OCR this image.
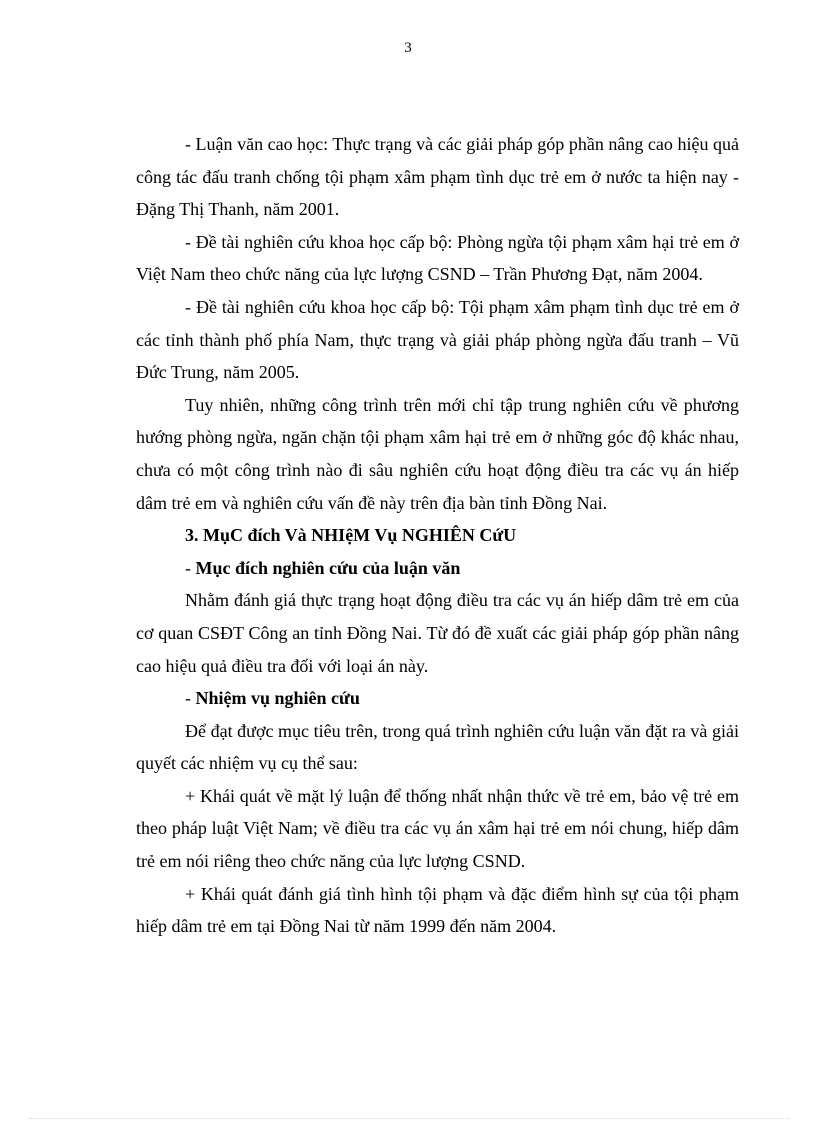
3

- Luận văn cao học: Thực trạng và các giải pháp góp phần nâng cao hiệu quả công tác đấu tranh chống tội phạm xâm phạm tình dục trẻ em ở nước ta hiện nay - Đặng Thị Thanh, năm 2001.

- Đề tài nghiên cứu khoa học cấp bộ: Phòng ngừa tội phạm xâm hại trẻ em ở Việt Nam theo chức năng của lực lượng CSND – Trần Phương Đạt, năm 2004.

- Đề tài nghiên cứu khoa học cấp bộ: Tội phạm xâm phạm tình dục trẻ em ở các tỉnh thành phố phía Nam, thực trạng và giải pháp phòng ngừa đấu tranh – Vũ Đức Trung, năm 2005.

Tuy nhiên, những công trình trên mới chỉ tập trung nghiên cứu về phương hướng phòng ngừa, ngăn chặn tội phạm xâm hại trẻ em ở những góc độ khác nhau, chưa có một công trình nào đi sâu nghiên cứu hoạt động điều tra các vụ án hiếp dâm trẻ em và nghiên cứu vấn đề này trên địa bàn tỉnh Đồng Nai.

3. MụC đích Và NHIệM Vụ NGHIÊN CứU

- Mục đích nghiên cứu của luận văn

Nhằm đánh giá thực trạng hoạt động điều tra các vụ án hiếp dâm trẻ em của cơ quan CSĐT Công an tỉnh Đồng Nai. Từ đó đề xuất các giải pháp góp phần nâng cao hiệu quả điều tra đối với loại án này.

- Nhiệm vụ nghiên cứu

Để đạt được mục tiêu trên, trong quá trình nghiên cứu luận văn đặt ra và giải quyết các nhiệm vụ cụ thể sau:

+ Khái quát về mặt lý luận để thống nhất nhận thức về trẻ em, bảo vệ trẻ em theo pháp luật Việt Nam; về điều tra các vụ án xâm hại trẻ em nói chung, hiếp dâm trẻ em nói riêng theo chức năng của lực lượng CSND.

+ Khái quát đánh giá tình hình tội phạm và đặc điểm hình sự của tội phạm hiếp dâm trẻ em tại Đồng Nai từ năm 1999 đến năm 2004.
